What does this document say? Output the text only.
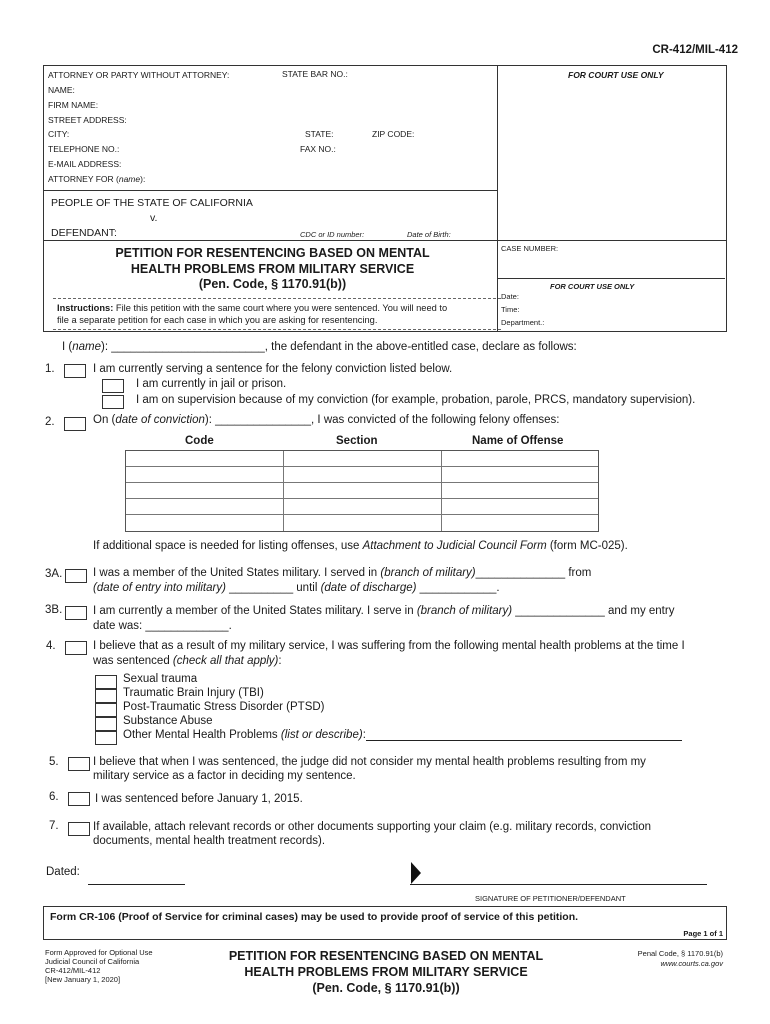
CR-412/MIL-412
ATTORNEY OR PARTY WITHOUT ATTORNEY:	STATE BAR NO.:	FOR COURT USE ONLY
NAME:
FIRM NAME:
STREET ADDRESS:
CITY:	STATE:	ZIP CODE:
TELEPHONE NO.:	FAX NO.:
E-MAIL ADDRESS:
ATTORNEY FOR (name):
PEOPLE OF THE STATE OF CALIFORNIA
v.
DEFENDANT:	CDC or ID number:	Date of Birth:
CASE NUMBER:
FOR COURT USE ONLY
Date:
Time:
Department.:
PETITION FOR RESENTENCING BASED ON MENTAL
HEALTH PROBLEMS FROM MILITARY SERVICE
(Pen. Code, § 1170.91(b))
Instructions: File this petition with the same court where you were sentenced. You will need to
file a separate petition for each case in which you are asking for resentencing.
I (name): ________________________, the defendant in the above-entitled case, declare as follows:
1.	I am currently serving a sentence for the felony conviction listed below.
I am currently in jail or prison.
I am on supervision because of my conviction (for example, probation, parole, PRCS, mandatory supervision).
2.	On (date of conviction): _______________, I was convicted of the following felony offenses:
Code	Section	Name of Offense
If additional space is needed for listing offenses, use Attachment to Judicial Council Form (form MC-025).
3A.	I was a member of the United States military. I served in (branch of military)______________ from
(date of entry into military) __________ until (date of discharge) ____________.
3B.	I am currently a member of the United States military. I serve in (branch of military) ______________ and my entry
date was: _____________.
4.	I believe that as a result of my military service, I was suffering from the following mental health problems at the time I
was sentenced (check all that apply):
Sexual trauma
Traumatic Brain Injury (TBI)
Post-Traumatic Stress Disorder (PTSD)
Substance Abuse
Other Mental Health Problems (list or describe):
5.	I believe that when I was sentenced, the judge did not consider my mental health problems resulting from my
military service as a factor in deciding my sentence.
6.	I was sentenced before January 1, 2015.
7.	If available, attach relevant records or other documents supporting your claim (e.g. military records, conviction
documents, mental health treatment records).
Dated:
SIGNATURE OF PETITIONER/DEFENDANT
Form CR-106 (Proof of Service for criminal cases) may be used to provide proof of service of this petition.
Page 1 of 1
Form Approved for Optional Use
Judicial Council of California
CR-412/MIL-412
[New January 1, 2020]
PETITION FOR RESENTENCING BASED ON MENTAL
HEALTH PROBLEMS FROM MILITARY SERVICE
(Pen. Code, § 1170.91(b))
Penal Code, § 1170.91(b)
www.courts.ca.gov
